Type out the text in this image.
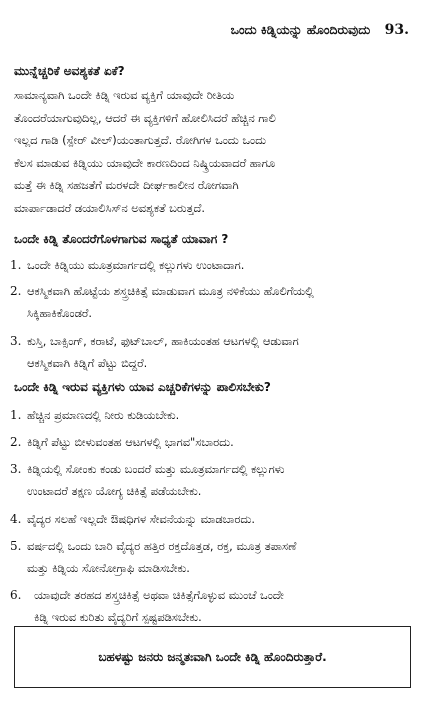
ಒಂದು ಕಿಡ್ನಿಯನ್ನು ಹೊಂದಿರುವುದು 93.
ಮುನ್ನೆಚ್ಚರಿಕೆ ಅವಶ್ಯಕತೆ ಏಕೆ?
ಸಾಮಾನ್ಯವಾಗಿ ಒಂದೇ ಕಿಡ್ನಿ ಇರುವ ವ್ಯಕ್ತಿಗೆ ಯಾವುದೇ ರೀತಿಯ
ತೊಂದರೆಯಾಗುವುದಿಲ್ಲ, ಆದರೆ ಈ ವ್ಯಕ್ತಿಗಳಿಗೆ ಹೋಲಿಸಿದರೆ ಹೆಚ್ಚಿನ ಗಾಲಿ
ಇಲ್ಲದ ಗಾಡಿ (ಸ್ಪೇರ್ ವೀಲ್)ಯಂತಾಗುತ್ತದೆ. ರೋಗಿಗಳ ಒಂದು ಒಂದು
ಕೆಲಸ ಮಾಡುವ ಕಿಡ್ನಿಯು ಯಾವುದೇ ಕಾರಣದಿಂದ ನಿಷ್ಕ್ರಿಯವಾದರೆ ಹಾಗೂ
ಮತ್ತೆ ಈ ಕಿಡ್ನಿ ಸಹಜತೆಗೆ ಮರಳದೇ ದೀರ್ಘಕಾಲೀನ ರೋಗವಾಗಿ
ಮಾರ್ಪಾಡಾದರೆ ಡಯಾಲಿಸಿಸ್‌ನ ಅವಶ್ಯಕತೆ ಬರುತ್ತದೆ.
ಒಂದೇ ಕಿಡ್ನಿ ತೊಂದರೆಗೊಳಗಾಗುವ ಸಾಧ್ಯತೆ ಯಾವಾಗ ?
1. ಒಂದೇ ಕಿಡ್ನಿಯು ಮೂತ್ರಮಾರ್ಗದಲ್ಲಿ ಕಲ್ಲುಗಳು ಉಂಟಾದಾಗ.
2. ಆಕಸ್ಮಿಕವಾಗಿ ಹೊಟ್ಟೆಯ ಶಸ್ತ್ರಚಿಕಿತ್ಸೆ ಮಾಡುವಾಗ ಮೂತ್ರ ನಳಿಕೆಯು ಹೊಲಿಗೆಯಲ್ಲಿ
ಸಿಕ್ಕಿಹಾಕಿಕೊಂಡರೆ.
3. ಕುಸ್ತಿ, ಬಾಕ್ಸಿಂಗ್, ಕರಾಟೆ, ಫುಟ್‌ಬಾಲ್, ಹಾಕಿಯಂತಹ ಆಟಗಳಲ್ಲಿ ಆಡುವಾಗ
ಆಕಸ್ಮಿಕವಾಗಿ ಕಿಡ್ನಿಗೆ ಪೆಟ್ಟು ಬಿದ್ದರೆ.
ಒಂದೇ ಕಿಡ್ನಿ ಇರುವ ವ್ಯಕ್ತಿಗಳು ಯಾವ ಎಚ್ಚರಿಕೆಗಳನ್ನು ಪಾಲಿಸಬೇಕು?
1. ಹೆಚ್ಚಿನ ಪ್ರಮಾಣದಲ್ಲಿ ನೀರು ಕುಡಿಯಬೇಕು.
2. ಕಿಡ್ನಿಗೆ ಪೆಟ್ಟು ಬೀಳುವಂತಹ ಆಟಗಳಲ್ಲಿ ಭಾಗವ"ಸಬಾರದು.
3. ಕಿಡ್ನಿಯಲ್ಲಿ ಸೋಂಕು ಕಂಡು ಬಂದರೆ ಮತ್ತು ಮೂತ್ರಮಾರ್ಗದಲ್ಲಿ ಕಲ್ಲುಗಳು
ಉಂಟಾದರೆ ತಕ್ಷಣ ಯೋಗ್ಯ ಚಿಕಿತ್ಸೆ ಪಡೆಯಬೇಕು.
4. ವೈದ್ಯರ ಸಲಹೆ ಇಲ್ಲದೇ ಔಷಧಿಗಳ ಸೇವನೆಯನ್ನು ಮಾಡಬಾರದು.
5. ವರ್ಷದಲ್ಲಿ ಒಂದು ಬಾರಿ ವೈದ್ಯರ ಹತ್ತಿರ ರಕ್ತದೊತ್ತಡ, ರಕ್ತ, ಮೂತ್ರ ತಪಾಸಣೆ
ಮತ್ತು ಕಿಡ್ನಿಯ ಸೋನೋಗ್ರಾಫಿ ಮಾಡಿಸಬೇಕು.
6.	ಯಾವುದೇ ತರಹದ ಶಸ್ತ್ರಚಿಕಿತ್ಸೆ ಅಥವಾ ಚಿಕಿತ್ಸೆಗೊಳ್ಳುವ ಮುಂಚೆ ಒಂದೇ
ಕಿಡ್ನಿ ಇರುವ ಕುರಿತು ವೈದ್ಯರಿಗೆ ಸ್ಪಷ್ಟಪಡಿಸಬೇಕು.
ಬಹಳಷ್ಟು ಜನರು ಜನ್ಮತಃವಾಗಿ ಒಂದೇ ಕಿಡ್ನಿ ಹೊಂದಿರುತ್ತಾರೆ.
